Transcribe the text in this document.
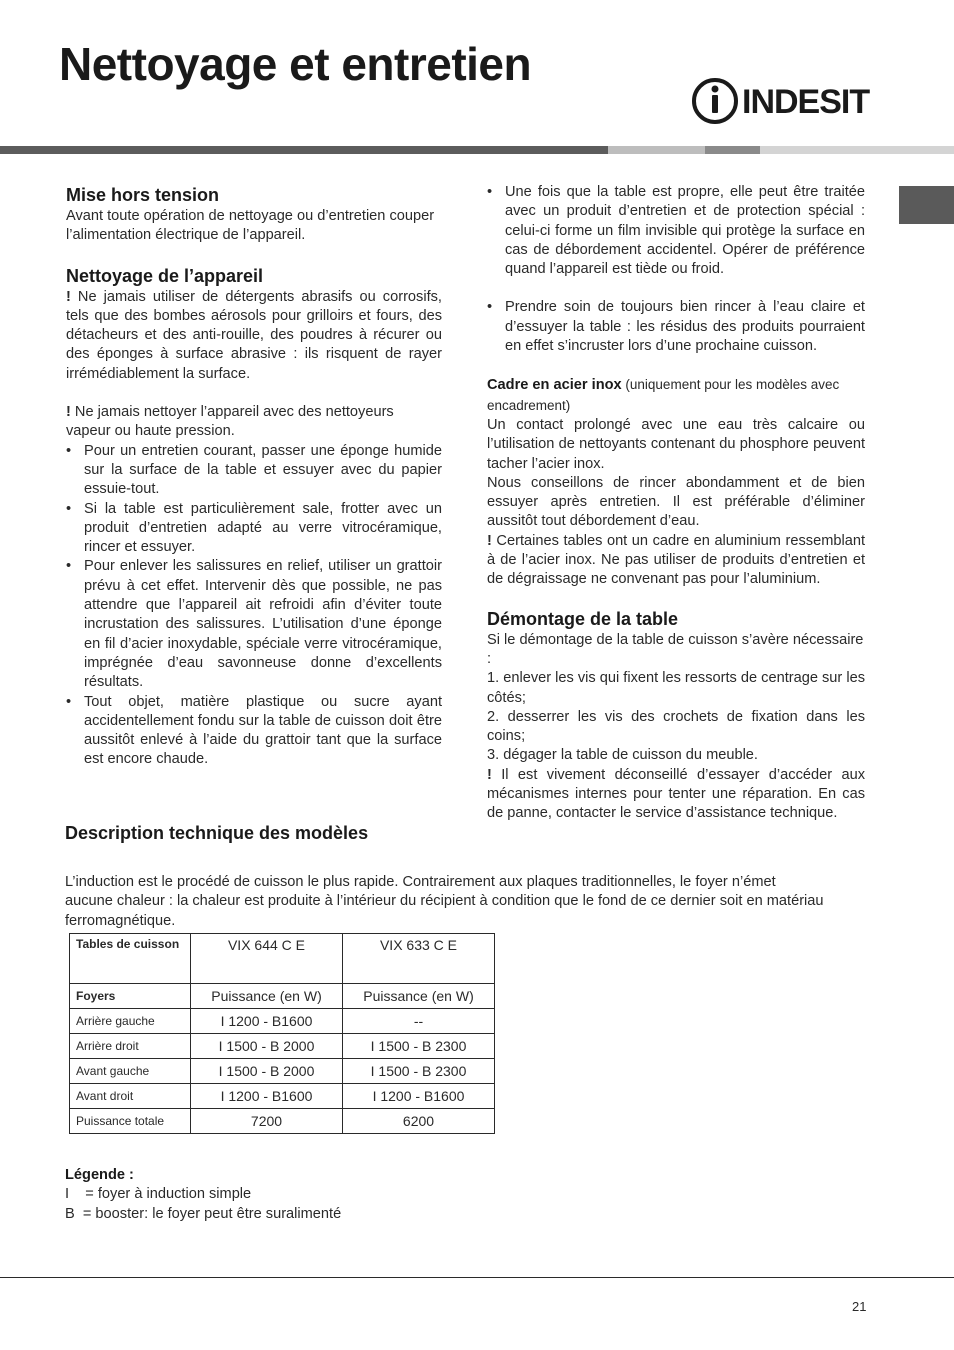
Nettoyage et entretien
INDESIT
Mise hors tension

Avant toute opération de nettoyage ou d’entretien couper l’alimentation électrique de l’appareil.

Nettoyage de l’appareil

! Ne jamais utiliser de détergents abrasifs ou corrosifs, tels que des bombes aérosols pour grilloirs et fours, des détacheurs et des anti-rouille, des poudres à récurer ou des éponges à surface abrasive : ils risquent de rayer irrémédiablement la surface.

! Ne jamais nettoyer l’appareil avec des nettoyeurs vapeur ou haute pression.

• Pour un entretien courant, passer une éponge humide sur la surface de la table et essuyer avec du papier essuie-tout.
• Si la table est particulièrement sale, frotter avec un produit d’entretien adapté au verre vitrocéramique, rincer et essuyer.
• Pour enlever les salissures en relief, utiliser un grattoir prévu à cet effet. Intervenir dès que possible, ne pas attendre que l’appareil ait refroidi afin d’éviter toute incrustation des salissures. L’utilisation d’une éponge en fil d’acier inoxydable, spéciale verre vitrocéramique, imprégnée d’eau savonneuse donne d’excellents résultats.
• Tout objet, matière plastique ou sucre ayant accidentellement fondu sur la table de cuisson doit être aussitôt enlevé à l’aide du grattoir tant que la surface est encore chaude.
• Une fois que la table est propre, elle peut être traitée avec un produit d’entretien et de protection spécial : celui-ci forme un film invisible qui protège la surface en cas de débordement accidentel. Opérer de préférence quand l’appareil est tiède ou froid.
• Prendre soin de toujours bien rincer à l’eau claire et d’essuyer la table : les résidus des produits pourraient en effet s’incruster lors d’une prochaine cuisson.

Cadre en acier inox (uniquement pour les modèles avec encadrement)

Un contact prolongé avec une eau très calcaire ou l’utilisation de nettoyants contenant du phosphore peuvent tacher l’acier inox.

Nous conseillons de rincer abondamment et de bien essuyer après entretien. Il est préférable d’éliminer aussitôt tout débordement d’eau.

! Certaines tables ont un cadre en aluminium ressemblant à de l’acier inox. Ne pas utiliser de produits d’entretien et de dégraissage ne convenant pas pour l’aluminium.

Démontage de la table

Si le démontage de la table de cuisson s’avère nécessaire :

1. enlever les vis qui fixent les ressorts de centrage sur les côtés;

2. desserrer les vis des crochets de fixation dans les coins;

3. dégager la table de cuisson du meuble.

! Il est vivement déconseillé d’essayer d’accéder aux mécanismes internes pour tenter une réparation. En cas de panne, contacter le service d’assistance technique.

Description technique des modèles

L’induction est le procédé de cuisson le plus rapide. Contrairement aux plaques traditionnelles, le foyer n’émet aucune chaleur : la chaleur est produite à l’intérieur du récipient à condition que le fond de ce dernier soit en matériau ferromagnétique.

Tables de cuisson	VIX 644 C E	VIX 633 C E
Foyers	Puissance (en W)	Puissance (en W)
Arrière gauche	I 1200 - B1600	--
Arrière droit	I 1500 - B 2000	I 1500 - B 2300
Avant gauche	I 1500 - B 2000	I 1500 - B 2300
Avant droit	I 1200 - B1600	I 1200 - B1600
Puissance totale	7200	6200
Légende :
I    = foyer à induction simple
B  = booster: le foyer peut être suralimenté
21
